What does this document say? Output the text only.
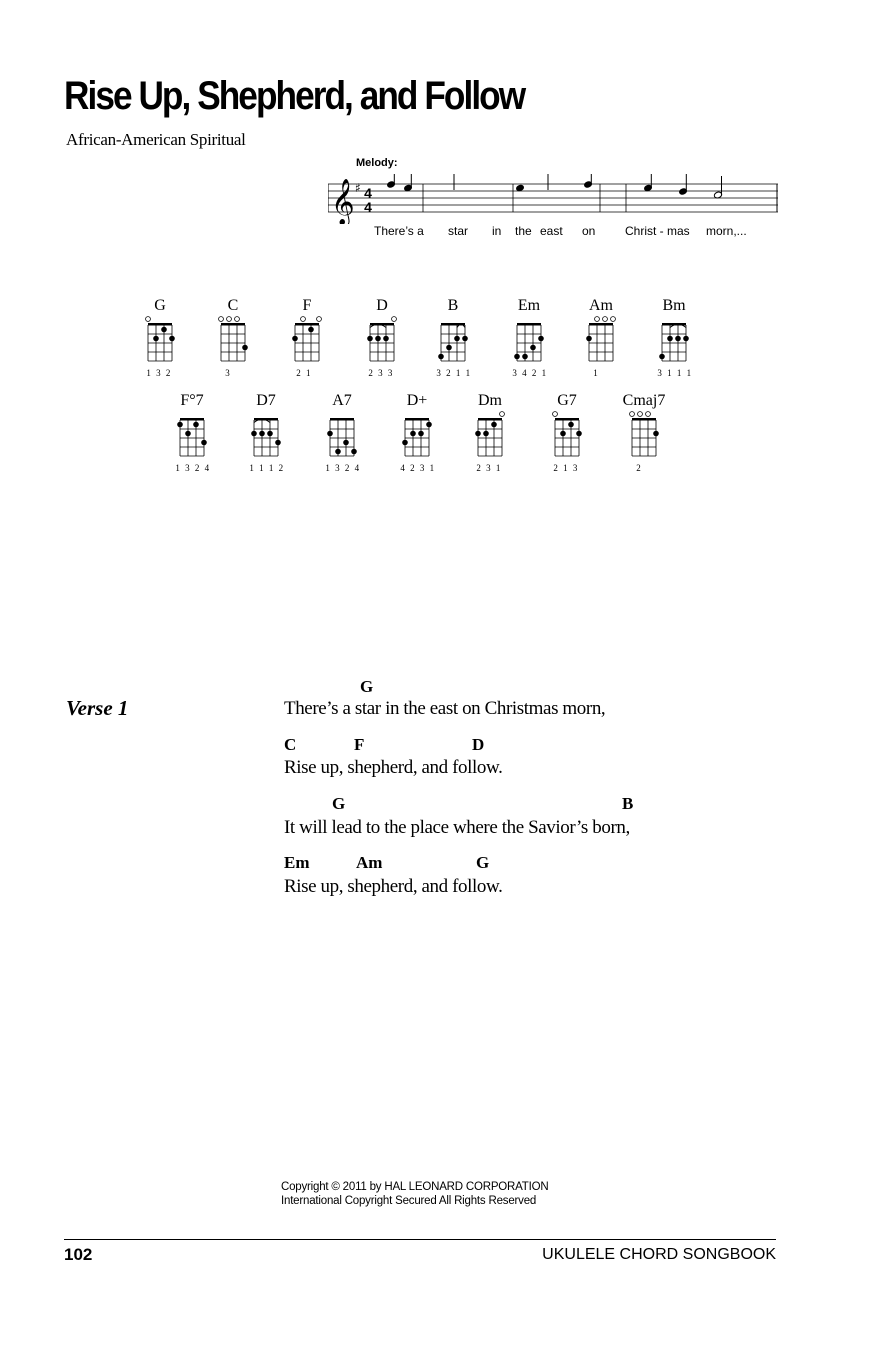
Rise Up, Shepherd, and Follow
African-American Spiritual
Melody:
𝄞 ♯ 4
4
There’s a star in the east on Christ - mas morn,...
G
1 3 2
C
3
F
2 1
D
2 3 3
B
3 2 1 1
Em
3 4 2 1
Am
1
Bm
3 1 1 1
F°7
1 3 2 4
D7
1 1 1 2
A7
1 3 2 4
D+
4 2 3 1
Dm
2 3 1
G7
2 1 3
Cmaj7
2
Verse 1
G
There’s a star in the east on Christmas morn,
C	F	D
Rise up, shepherd, and follow.
G	B
It will lead to the place where the Savior’s born,
Em	Am	G
Rise up, shepherd, and follow.
Copyright © 2011 by HAL LEONARD CORPORATION
International Copyright Secured All Rights Reserved
102	UKULELE CHORD SONGBOOK
